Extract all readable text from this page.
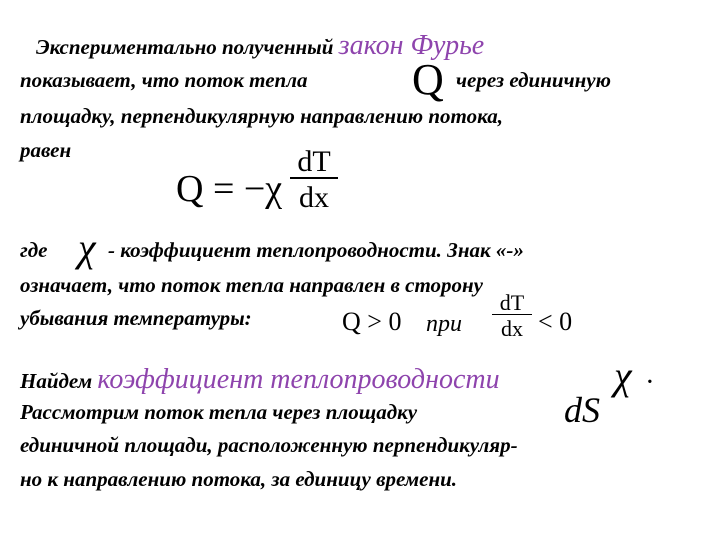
Экспериментально полученный закон Фурье
показывает, что поток тепла Q через единичную
площадку, перпендикулярную направлению потока,
равен
Q = −χ
dT
dx
где χ - коэффициент теплопроводности. Знак «-»
означает, что поток тепла направлен в сторону
убывания температуры:	Q > 0 при
dT
dx < 0
Найдем коэффициент теплопроводности	χ .
Рассмотрим поток тепла через площадку	dS
единичной площади, расположенную перпендикуляр-
но к направлению потока, за единицу времени.
